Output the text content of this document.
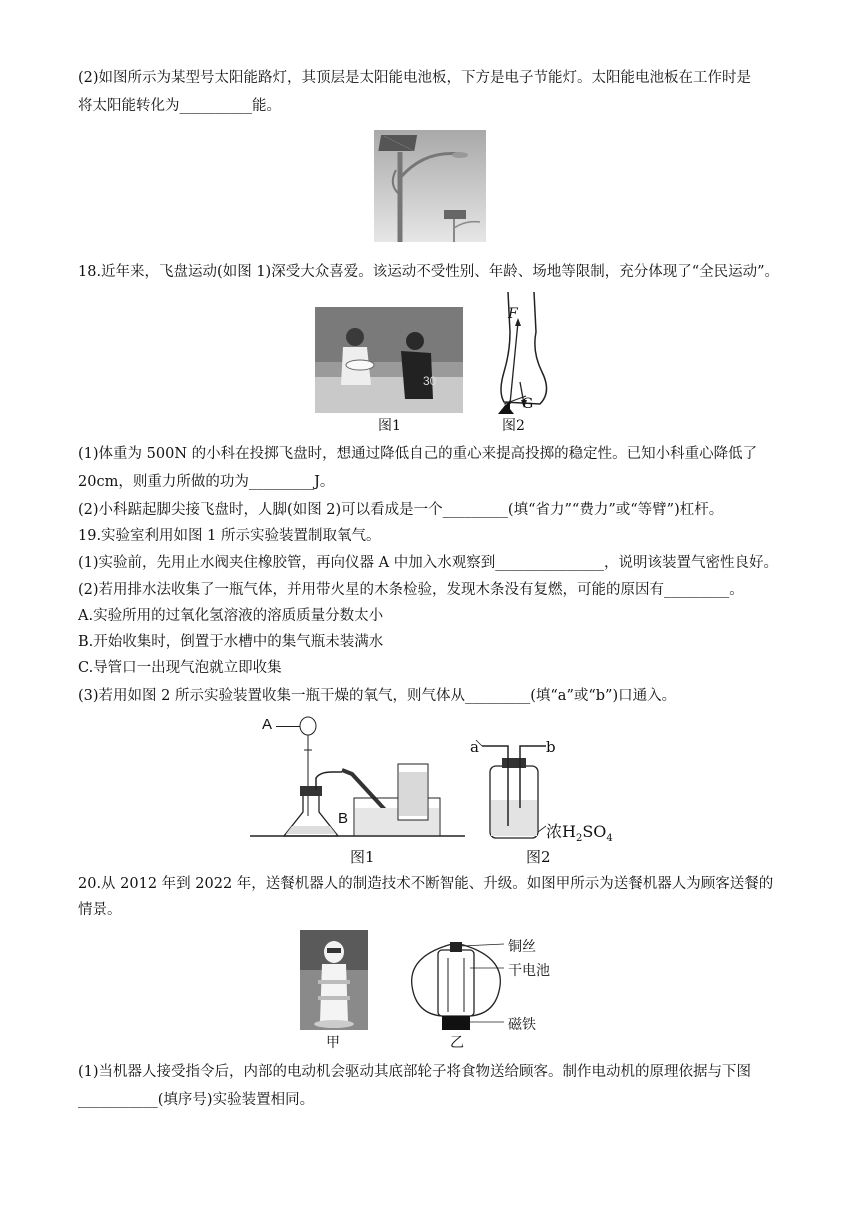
(2)如图所示为某型号太阳能路灯，其顶层是太阳能电池板，下方是电子节能灯。太阳能电池板在工作时是
将太阳能转化为__________能。
18.近年来，飞盘运动(如图 1)深受大众喜爱。该运动不受性别、年龄、场地等限制，充分体现了“全民运动”。
30
图1
F
G
图2
(1)体重为 500N 的小科在投掷飞盘时，想通过降低自己的重心来提高投掷的稳定性。已知小科重心降低了
20cm，则重力所做的功为_________J。
(2)小科踮起脚尖接飞盘时，人脚(如图 2)可以看成是一个_________(填“省力”“费力”或“等臂”)杠杆。
19.实验室利用如图 1 所示实验装置制取氧气。
(1)实验前，先用止水阀夹住橡胶管，再向仪器 A 中加入水观察到_______________，说明该装置气密性良好。
(2)若用排水法收集了一瓶气体，并用带火星的木条检验，发现木条没有复燃，可能的原因有_________。
A.实验所用的过氧化氢溶液的溶质质量分数太小
B.开始收集时，倒置于水槽中的集气瓶未装满水
C.导管口一出现气泡就立即收集
(3)若用如图 2 所示实验装置收集一瓶干燥的氧气，则气体从_________(填“a”或“b”)口通入。
A
B
a	b
浓$H_2SO_4$
图1	图2
20.从 2012 年到 2022 年，送餐机器人的制造技术不断智能、升级。如图甲所示为送餐机器人为顾客送餐的
情景。
甲
铜丝
干电池
磁铁
乙
(1)当机器人接受指令后，内部的电动机会驱动其底部轮子将食物送给顾客。制作电动机的原理依据与下图
___________(填序号)实验装置相同。
